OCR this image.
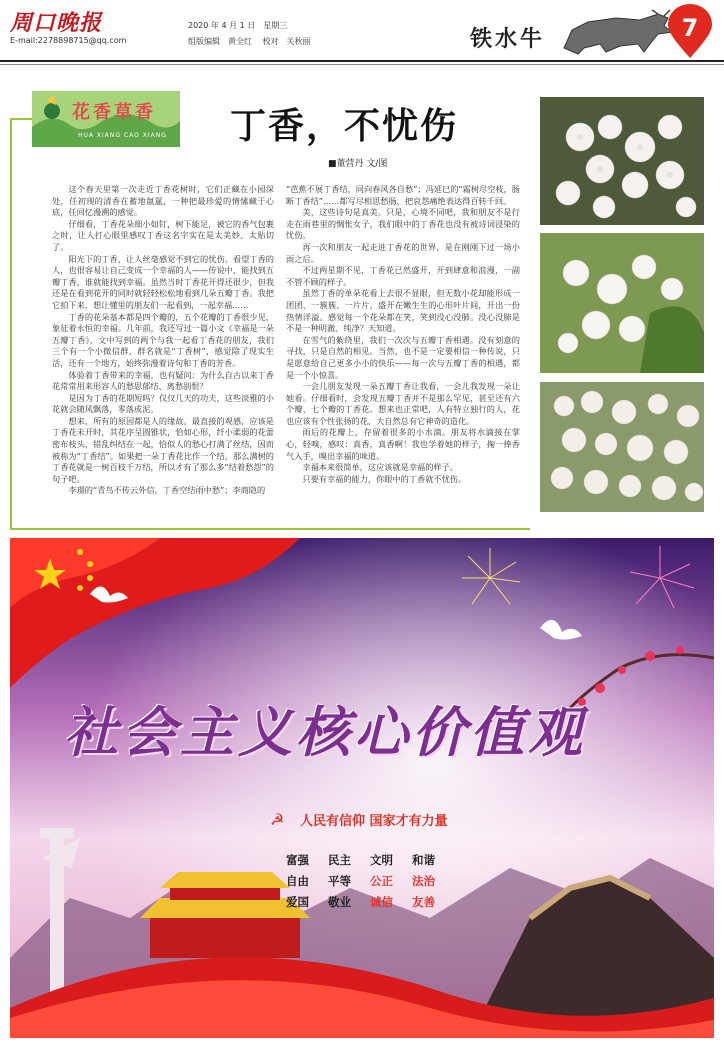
周口晚报
E-mail:2278898715@qq.com
2020 年 4 月 1 日　星期三
组版编辑　黄全红 校对　关秋丽	铁水牛	7
花香草香
HUA XIANG CAO XIANG 丁香，不忧伤
■董营丹 文/图

这个春天里第一次走近丁香花树时，它们正藏在小园深处，任初现的清香在蓄地氤氲，一种把最珍爱的情愫藏于心底，任回忆漫溯的感觉。

仔细看，丁香花朵细小如钉，树下能足，被它的香气包裹之时，让人打心眼里感叹丁香这名字实在是太美妙、太贴切了。

阳光下的丁香，让人丝毫感觉不到它的忧伤。看望丁香的人，也很容易让自己变成一个幸福的人——传说中，能找到五瓣丁香，谁就能找到幸福。虽然当时丁香花开得还很少，但我还是在看到花开的同时就轻轻松松地看到几朵五瓣丁香。我把它拍下来，想让懂里的朋友们一起看到，一起幸福……

丁香的花朵基本都是四个瓣的，五个花瓣的丁香很少见，象征着永恒的幸福。几年前，我还写过一篇小文《幸福是一朵五瓣丁香》，文中写到的两个与我一起看丁香花的朋友，我们三个有一个小微信群，群名就是“丁香树”，感觉除了现实生活，还有一个地方，始终弥漫着诗句和丁香的芳香。

体验着丁香带来的幸福，也有疑问：为什么自古以来丁香花常常用来形容人的愁思郁结、离愁别恨？

是因为丁香的花期短吗？仅仅几天的功夫，这些淡雅的小花就会随风飘落，零落成泥。

想来，所有的原因都是人的缘故。最直接的观感，应该是丁香花未开时，其花序呈圆锥状，恰如心形，纤小柔弱的花蕾密布枝头，错乱纠结在一起，恰似人的愁心打满了丝结，因而被称为“丁香结”。如果把一朵丁香花比作一个结，那么满树的丁香花就是一树百枝千万结，所以才有了那么多“结着愁怨”的句子吧。

李璟的“青鸟不传云外信，丁香空结雨中愁”；李商隐的

“芭蕉不展丁香结，同向春风各自愁”；冯延巳的“霜树尽空枝，肠断丁香结”……都写尽相思愁肠，把哀怨痛绝表达得百转千回。

美，这些诗句是真美。只是，心境不同吧，我和朋友不是行走在雨巷里的惆怅女子，我们眼中的丁香花也没有被诗词浸染的忧伤。

再一次和朋友一起走进丁香花的世界，是在刚刚下过一场小雨之后。

不过两星期不见，丁香花已然盛开，开到肆意和浪漫，一副不管不顾的样子。

虽然丁香的单朵花看上去很不显眼，但无数小花却能形成一团团、一簇簇、一片片，盛开在嫩生生的心形叶片间，开出一份热情洋溢。感觉每一个花朵都在笑，笑到没心没肺。没心没肺是不是一种明澈、纯净？天知道。

在雪气的紫绕里，我们一次次与五瓣丁香相遇。没有刻意的寻找，只是自然的相见。当然，也不是一定要相信一种传说，只是愿意给自己更多小小的快乐——每一次与五瓣丁香的相遇，都是一个小惊喜。

一会儿朋友发现一朵五瓣丁香让我看，一会儿我发现一朵让她看。仔细看时，会发现五瓣丁香并不是那么罕见，甚至还有六个瓣、七个瓣的丁香花。想来也正常吧，人有特立独行的人，花也应该有个性张扬的花，大自然总有它神奇的造化。

雨后的花瓣上，存留着很多的小水滴。朋友将水滴接在掌心，轻嗅，感叹：真香，真香啊！我也学着她的样子，掬一捧香气入手，嗅出幸福的味道。

幸福本来很简单，这应该就是幸福的样子。

只要有幸福的能力，你眼中的丁香就不忧伤。

社会主义核心价值观
☭ 人民有信仰 国家才有力量
富强 民主 文明 和谐
自由 平等 公正 法治
爱国 敬业 诚信 友善
